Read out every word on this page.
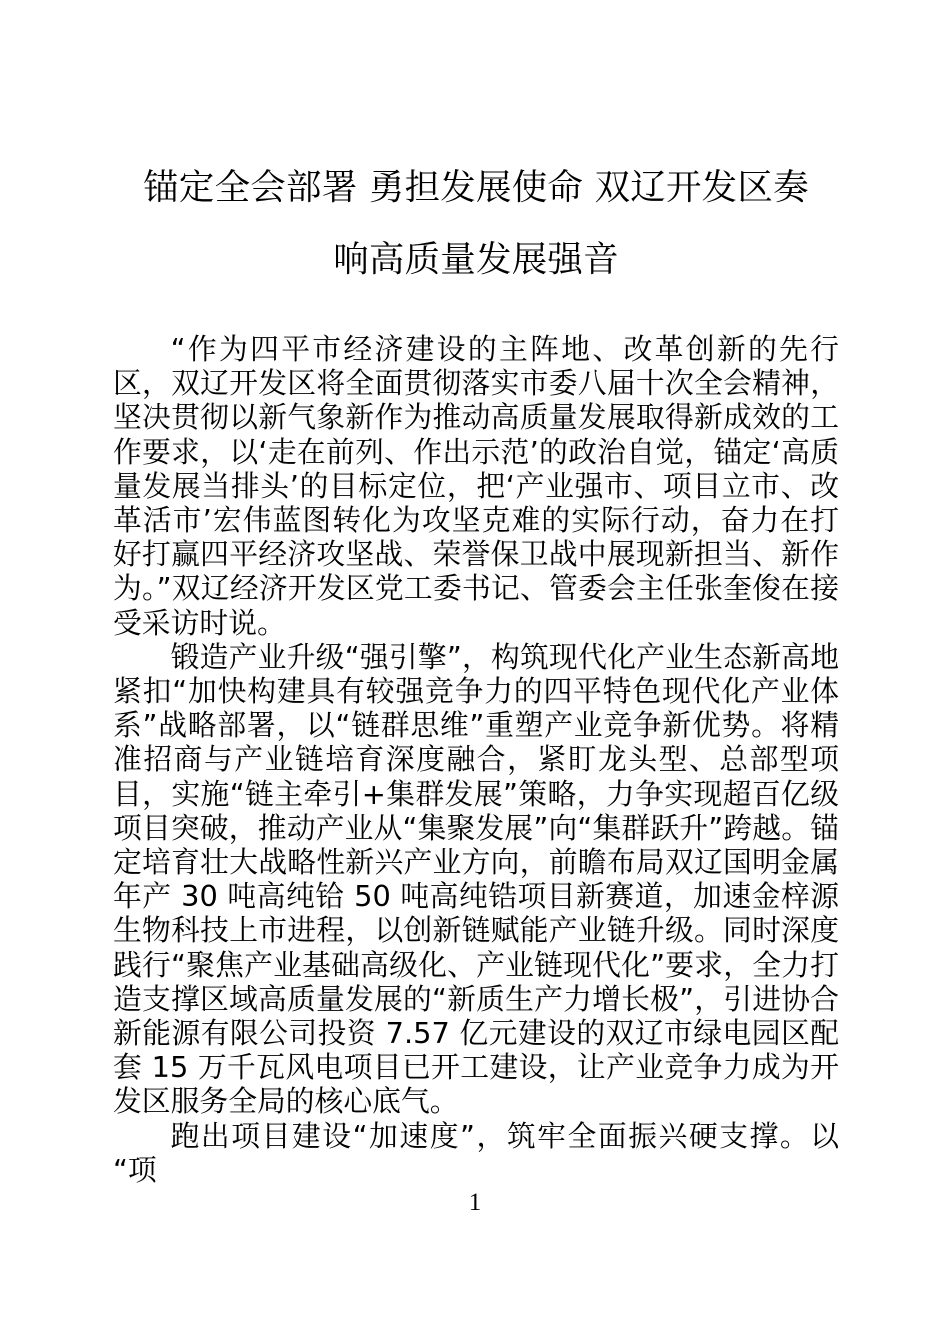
锚定全会部署 勇担发展使命 双辽开发区奏
响高质量发展强音

“作为四平市经济建设的主阵地、改革创新的先行区，双辽开发区将全面贯彻落实市委八届十次全会精神，坚决贯彻以新气象新作为推动高质量发展取得新成效的工作要求，以‘走在前列、作出示范’的政治自觉，锚定‘高质量发展当排头’的目标定位，把‘产业强市、项目立市、改革活市’宏伟蓝图转化为攻坚克难的实际行动，奋力在打好打赢四平经济攻坚战、荣誉保卫战中展现新担当、新作为。”双辽经济开发区党工委书记、管委会主任张奎俊在接受采访时说。

锻造产业升级“强引擎”，构筑现代化产业生态新高地紧扣“加快构建具有较强竞争力的四平特色现代化产业体系”战略部署，以“链群思维”重塑产业竞争新优势。将精准招商与产业链培育深度融合，紧盯龙头型、总部型项目，实施“链主牵引+集群发展”策略，力争实现超百亿级项目突破，推动产业从“集聚发展”向“集群跃升”跨越。锚定培育壮大战略性新兴产业方向，前瞻布局双辽国明金属年产 30 吨高纯铪 50 吨高纯锆项目新赛道，加速金梓源生物科技上市进程，以创新链赋能产业链升级。同时深度践行“聚焦产业基础高级化、产业链现代化”要求，全力打造支撑区域高质量发展的“新质生产力增长极”，引进协合新能源有限公司投资 7.57 亿元建设的双辽市绿电园区配套 15 万千瓦风电项目已开工建设，让产业竞争力成为开发区服务全局的核心底气。

跑出项目建设“加速度”，筑牢全面振兴硬支撑。以“项

1
